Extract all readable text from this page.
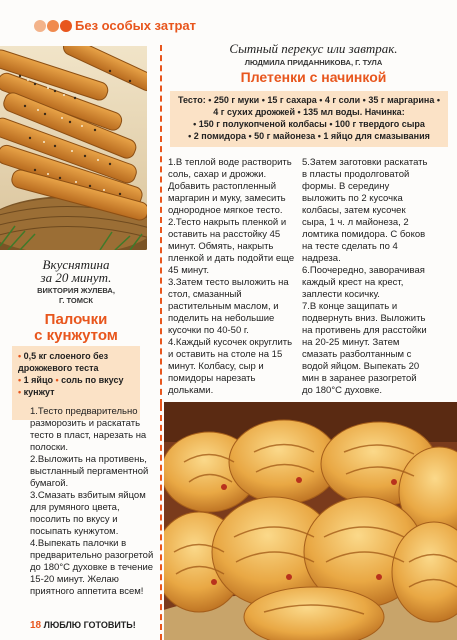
Без особых затрат
Вкуснятина
за 20 минут.
ВИКТОРИЯ ЖУЛЕВА,
Г. ТОМСК
Палочки
с кунжутом
• 0,5 кг слоеного без дрожжевого теста
• 1 яйцо • соль по вкусу
• кунжут

1.Тесто предварительно разморозить и раскатать тесто в пласт, нарезать на полоски.

2.Выложить на противень, выстланный пергаментной бумагой.

3.Смазать взбитым яйцом для румяного цвета, посолить по вкусу и посыпать кунжутом.

4.Выпекать палочки в предварительно разогретой до 180°С духовке в течение 15-20 минут. Желаю приятного аппетита всем!

18 ЛЮБЛЮ ГОТОВИТЬ!
Сытный перекус или завтрак.
ЛЮДМИЛА ПРИДАННИКОВА, Г. ТУЛА
Плетенки с начинкой
Тесто: • 250 г муки • 15 г сахара • 4 г соли • 35 г маргарина • 4 г сухих дрожжей • 135 мл воды. Начинка:
• 150 г полукопченой колбасы • 100 г твердого сыра
• 2 помидора • 50 г майонеза • 1 яйцо для смазывания

1.В теплой воде растворить соль, сахар и дрожжи. Добавить растопленный маргарин и муку, замесить однородное мягкое тесто.

2.Тесто накрыть пленкой и оставить на расстойку 45 минут. Обмять, накрыть пленкой и дать подойти еще 45 минут.

3.Затем тесто выложить на стол, смазанный растительным маслом, и поделить на небольшие кусочки по 40-50 г.

4.Каждый кусочек округлить и оставить на столе на 15 минут. Колбасу, сыр и помидоры нарезать дольками.

5.Затем заготовки раскатать в пласты продолговатой формы. В середину выложить по 2 кусочка колбасы, затем кусочек сыра, 1 ч. л майонеза, 2 ломтика помидора. С боков на тесте сделать по 4 надреза.

6.Поочередно, заворачивая каждый крест на крест, заплести косичку.

7.В конце защипать и подвернуть вниз. Выложить на противень для расстойки на 20-25 минут. Затем смазать разболтанным с водой яйцом. Выпекать 20 мин в заранее разогретой до 180°С духовке.
